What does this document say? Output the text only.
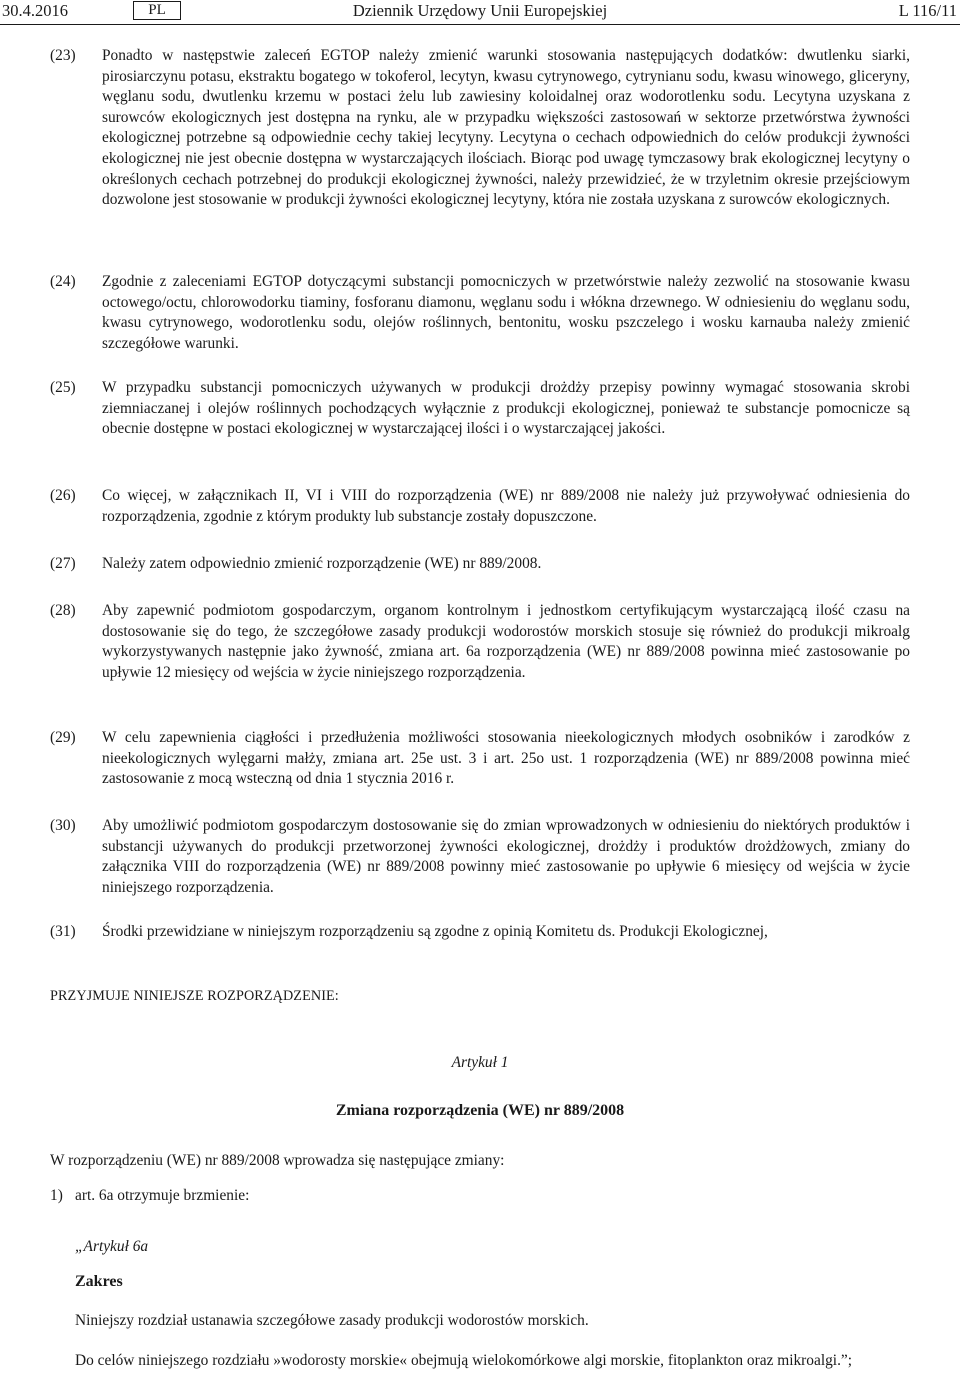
30.4.2016	PL	Dziennik Urzędowy Unii Europejskiej	L 116/11
(23) Ponadto w następstwie zaleceń EGTOP należy zmienić warunki stosowania następujących dodatków: dwutlenku siarki, pirosiarczynu potasu, ekstraktu bogatego w tokoferol, lecytyn, kwasu cytrynowego, cytrynianu sodu, kwasu winowego, gliceryny, węglanu sodu, dwutlenku krzemu w postaci żelu lub zawiesiny koloidalnej oraz wodorotlenku sodu. Lecytyna uzyskana z surowców ekologicznych jest dostępna na rynku, ale w przypadku większości zastosowań w sektorze przetwórstwa żywności ekologicznej potrzebne są odpowiednie cechy takiej lecytyny. Lecytyna o cechach odpowiednich do celów produkcji żywności ekologicznej nie jest obecnie dostępna w wystarczających ilościach. Biorąc pod uwagę tymczasowy brak ekologicznej lecytyny o określonych cechach potrzebnej do produkcji ekologicznej żywności, należy przewidzieć, że w trzyletnim okresie przejściowym dozwolone jest stosowanie w produkcji żywności ekologicznej lecytyny, która nie została uzyskana z surowców ekologicznych.
(24) Zgodnie z zaleceniami EGTOP dotyczącymi substancji pomocniczych w przetwórstwie należy zezwolić na stosowanie kwasu octowego/octu, chlorowodorku tiaminy, fosforanu diamonu, węglanu sodu i włókna drzewnego. W odniesieniu do węglanu sodu, kwasu cytrynowego, wodorotlenku sodu, olejów roślinnych, bentonitu, wosku pszczelego i wosku karnauba należy zmienić szczegółowe warunki.
(25) W przypadku substancji pomocniczych używanych w produkcji drożdży przepisy powinny wymagać stosowania skrobi ziemniaczanej i olejów roślinnych pochodzących wyłącznie z produkcji ekologicznej, ponieważ te substancje pomocnicze są obecnie dostępne w postaci ekologicznej w wystarczającej ilości i o wystarczającej jakości.
(26) Co więcej, w załącznikach II, VI i VIII do rozporządzenia (WE) nr 889/2008 nie należy już przywoływać odniesienia do rozporządzenia, zgodnie z którym produkty lub substancje zostały dopuszczone.
(27) Należy zatem odpowiednio zmienić rozporządzenie (WE) nr 889/2008.
(28) Aby zapewnić podmiotom gospodarczym, organom kontrolnym i jednostkom certyfikującym wystarczającą ilość czasu na dostosowanie się do tego, że szczegółowe zasady produkcji wodorostów morskich stosuje się również do produkcji mikroalg wykorzystywanych następnie jako żywność, zmiana art. 6a rozporządzenia (WE) nr 889/2008 powinna mieć zastosowanie po upływie 12 miesięcy od wejścia w życie niniejszego rozporządzenia.
(29) W celu zapewnienia ciągłości i przedłużenia możliwości stosowania nieekologicznych młodych osobników i zarodków z nieekologicznych wylęgarni małży, zmiana art. 25e ust. 3 i art. 25o ust. 1 rozporządzenia (WE) nr 889/2008 powinna mieć zastosowanie z mocą wsteczną od dnia 1 stycznia 2016 r.
(30) Aby umożliwić podmiotom gospodarczym dostosowanie się do zmian wprowadzonych w odniesieniu do niektórych produktów i substancji używanych do produkcji przetworzonej żywności ekologicznej, drożdży i produktów drożdżowych, zmiany do załącznika VIII do rozporządzenia (WE) nr 889/2008 powinny mieć zastosowanie po upływie 6 miesięcy od wejścia w życie niniejszego rozporządzenia.
(31) Środki przewidziane w niniejszym rozporządzeniu są zgodne z opinią Komitetu ds. Produkcji Ekologicznej,
PRZYJMUJE NINIEJSZE ROZPORZĄDZENIE:
Artykuł 1
Zmiana rozporządzenia (WE) nr 889/2008
W rozporządzeniu (WE) nr 889/2008 wprowadza się następujące zmiany:
1) art. 6a otrzymuje brzmienie:
„Artykuł 6a
Zakres
Niniejszy rozdział ustanawia szczegółowe zasady produkcji wodorostów morskich.
Do celów niniejszego rozdziału »wodorosty morskie« obejmują wielokomórkowe algi morskie, fitoplankton oraz mikroalgi.”;
